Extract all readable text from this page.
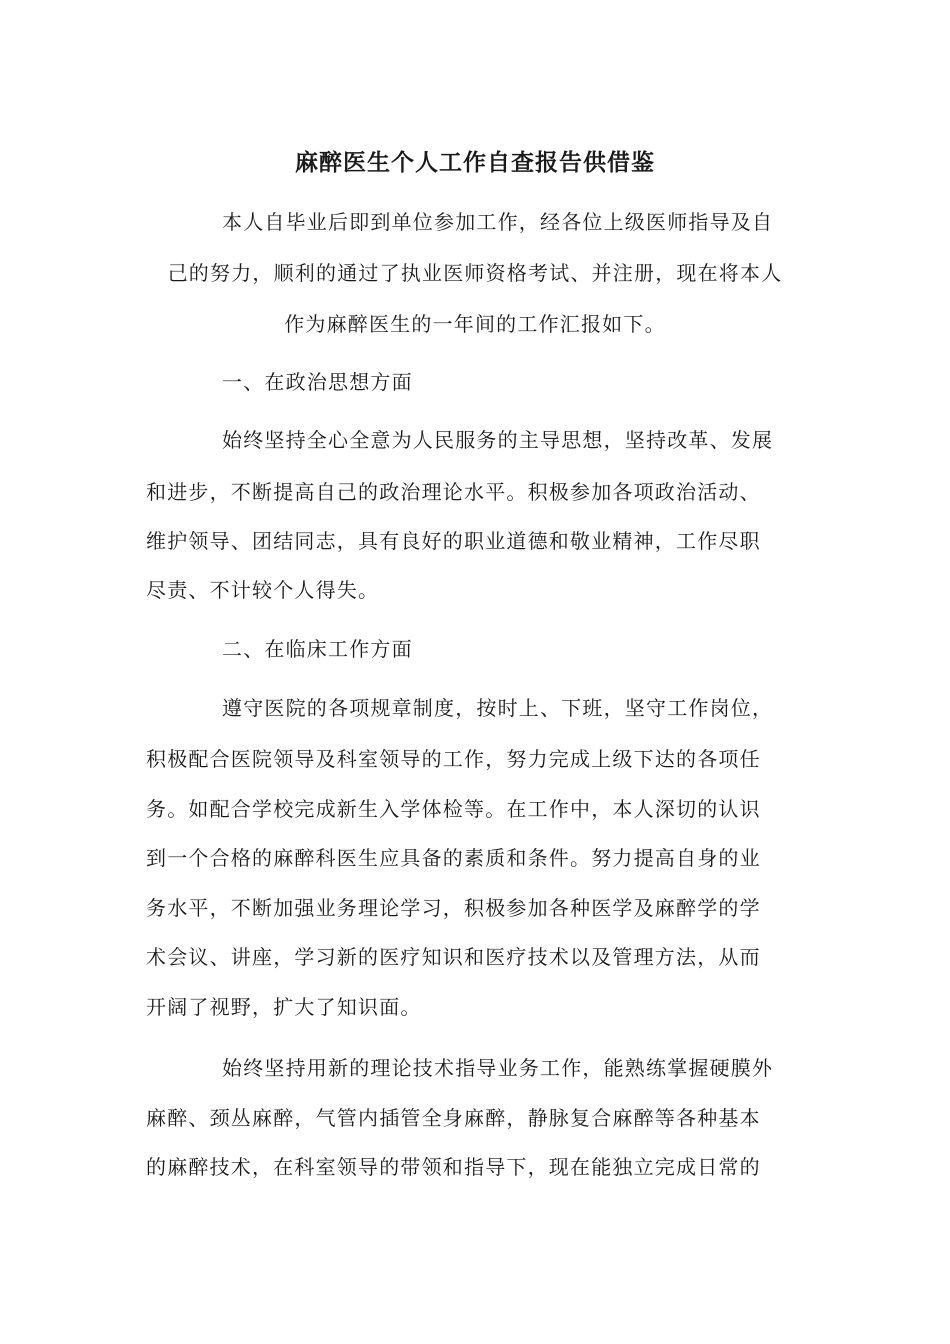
麻醉医生个人工作自查报告供借鉴
本人自毕业后即到单位参加工作，经各位上级医师指导及自
己的努力，顺利的通过了执业医师资格考试、并注册，现在将本人
作为麻醉医生的一年间的工作汇报如下。
一、在政治思想方面
始终坚持全心全意为人民服务的主导思想，坚持改革、发展
和进步，不断提高自己的政治理论水平。积极参加各项政治活动、
维护领导、团结同志，具有良好的职业道德和敬业精神，工作尽职
尽责、不计较个人得失。
二、在临床工作方面
遵守医院的各项规章制度，按时上、下班，坚守工作岗位，
积极配合医院领导及科室领导的工作，努力完成上级下达的各项任
务。如配合学校完成新生入学体检等。在工作中，本人深切的认识
到一个合格的麻醉科医生应具备的素质和条件。努力提高自身的业
务水平，不断加强业务理论学习，积极参加各种医学及麻醉学的学
术会议、讲座，学习新的医疗知识和医疗技术以及管理方法，从而
开阔了视野，扩大了知识面。
始终坚持用新的理论技术指导业务工作，能熟练掌握硬膜外
麻醉、颈丛麻醉，气管内插管全身麻醉，静脉复合麻醉等各种基本
的麻醉技术，在科室领导的带领和指导下，现在能独立完成日常的
